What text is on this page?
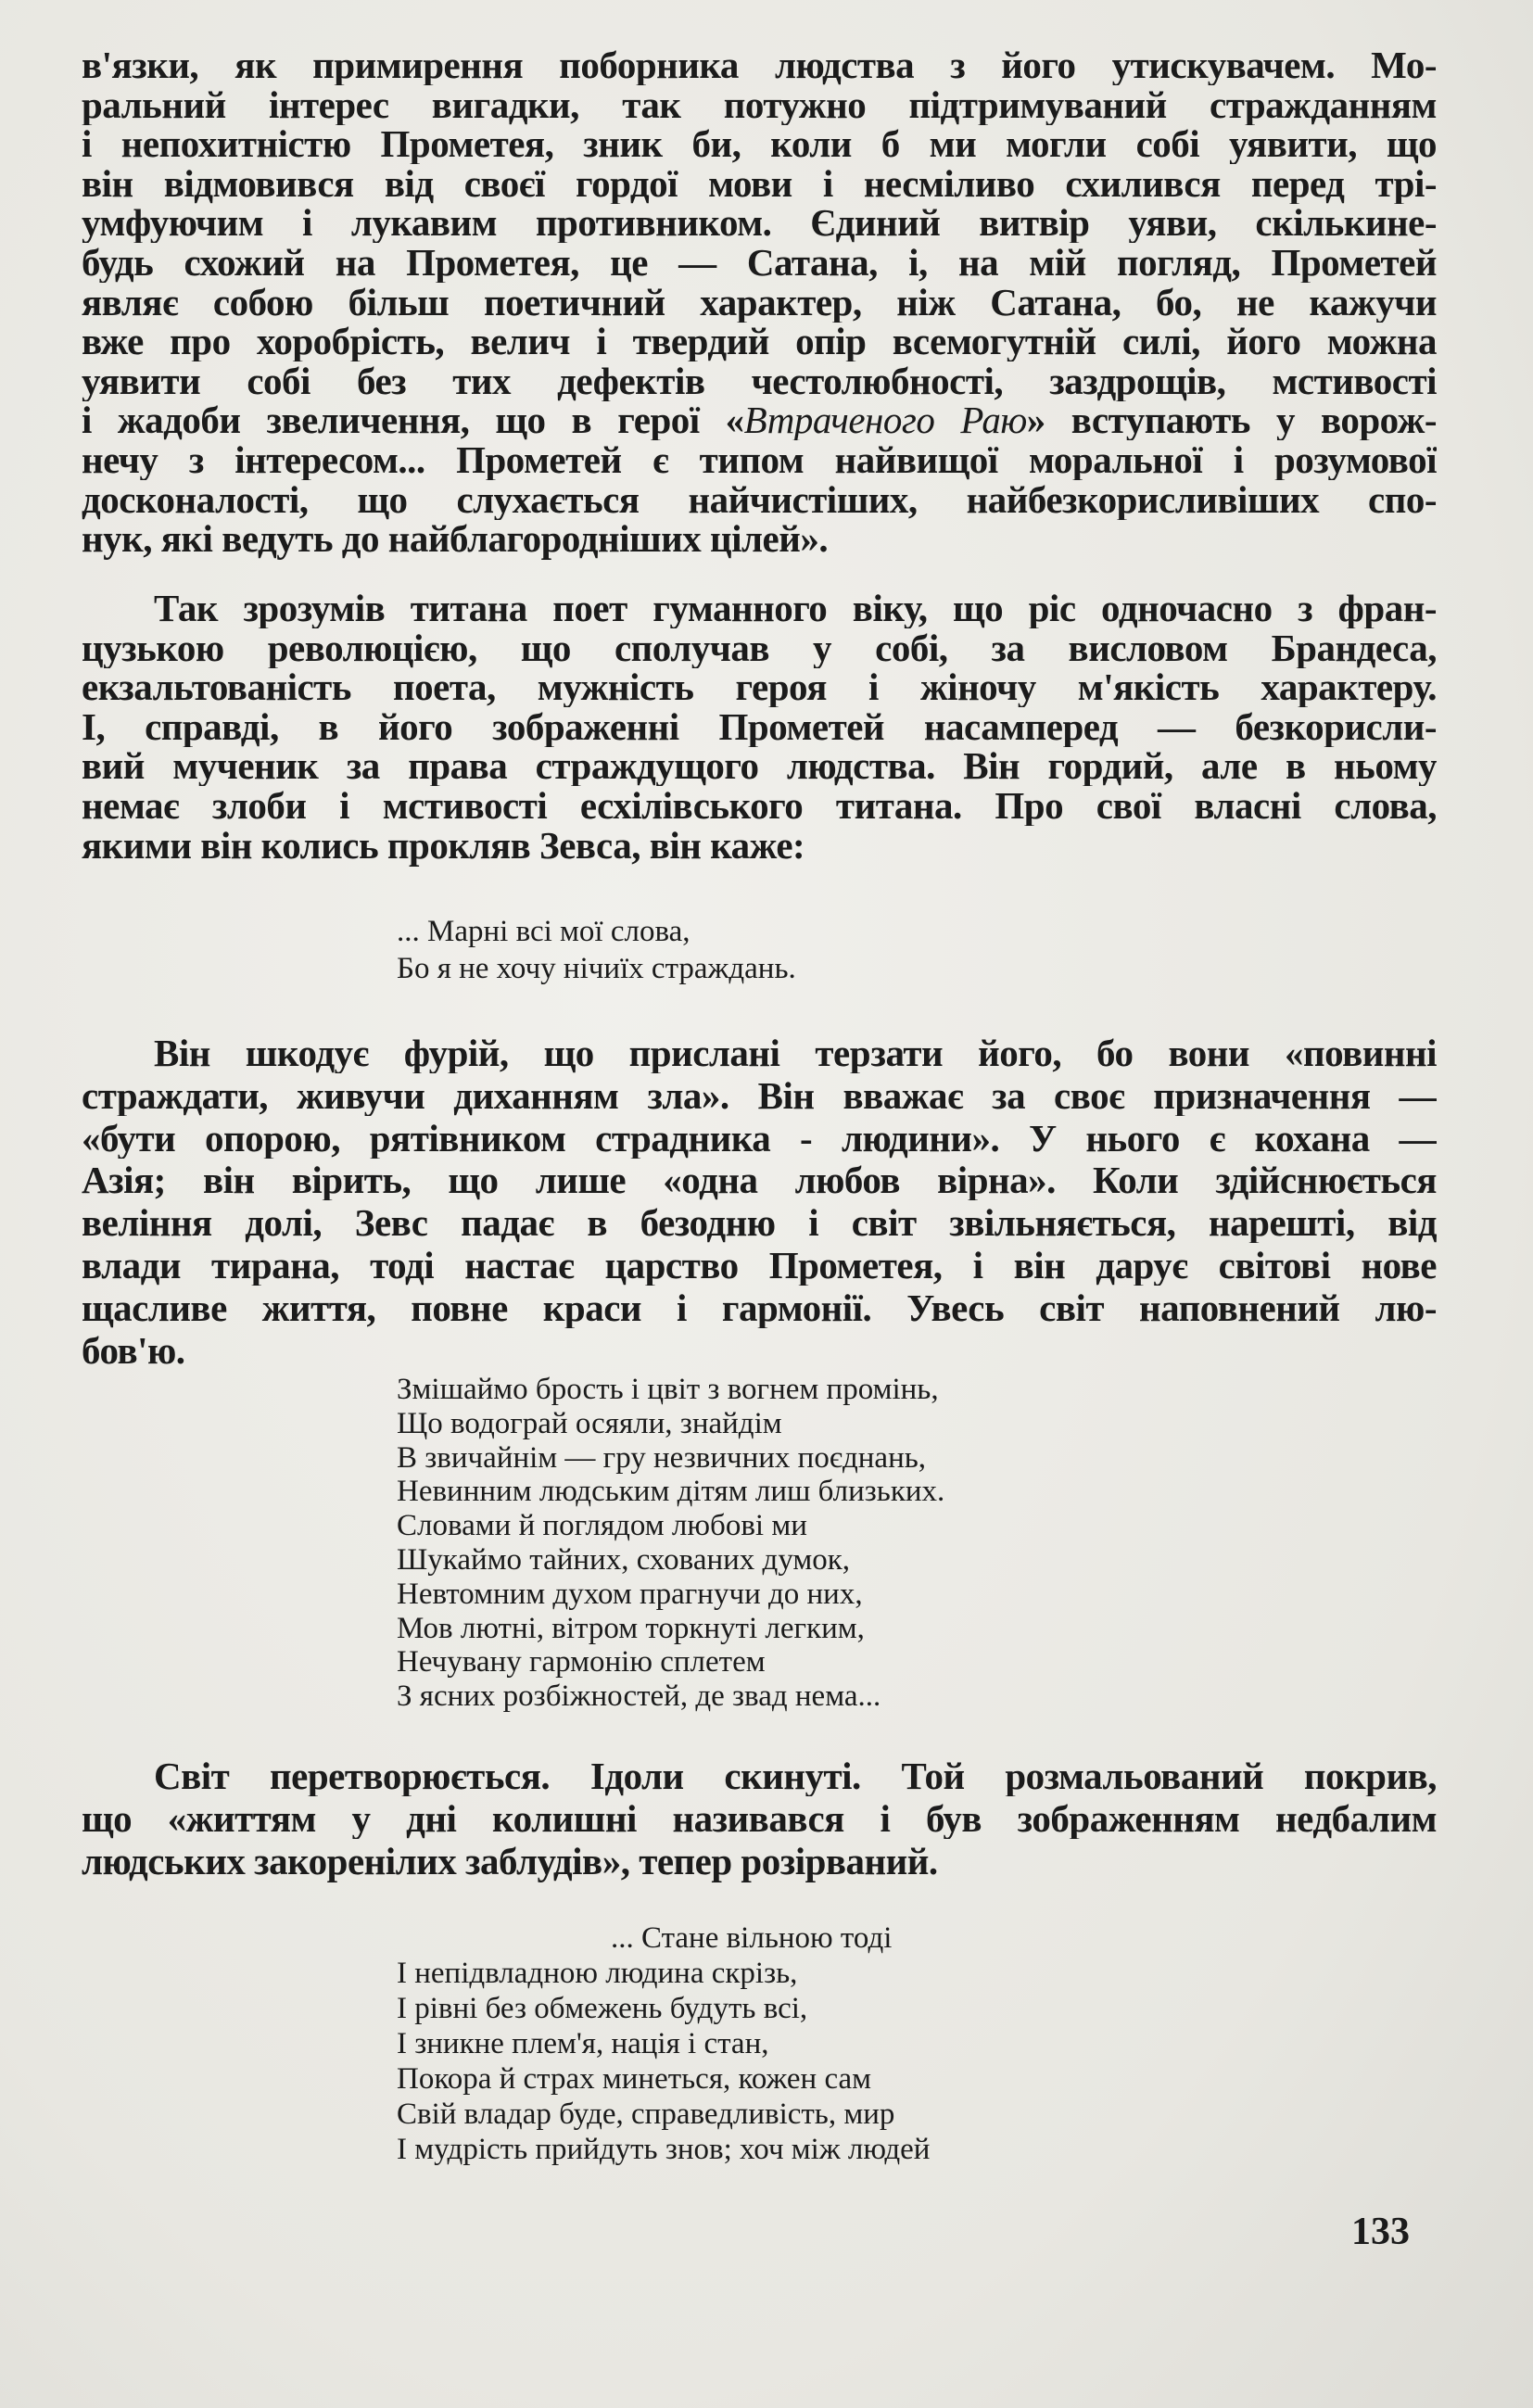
в'язки, як примирення поборника людства з його утискувачем. Мо-
ральний інтерес вигадки, так потужно підтримуваний стражданням
і непохитністю Прометея, зник би, коли б ми могли собі уявити, що
він відмовився від своєї гордої мови і несміливо схилився перед трі-
умфуючим і лукавим противником. Єдиний витвір уяви, скількине-
будь схожий на Прометея, це — Сатана, і, на мій погляд, Прометей
являє собою більш поетичний характер, ніж Сатана, бо, не кажучи
вже про хоробрість, велич і твердий опір всемогутній силі, його можна
уявити собі без тих дефектів честолюбності, заздрощів, мстивості
і жадоби звеличення, що в герої «Втраченого Раю» вступають у ворож-
нечу з інтересом... Прометей є типом найвищої моральної і розумової
досконалості, що слухається найчистіших, найбезкорисливіших спо-
нук, які ведуть до найблагородніших цілей».
Так зрозумів титана поет гуманного віку, що ріс одночасно з фран-
цузькою революцією, що сполучав у собі, за висловом Брандеса,
екзальтованість поета, мужність героя і жіночу м'якість характеру.
І, справді, в його зображенні Прометей насамперед — безкорисли-
вий мученик за права страждущого людства. Він гордий, але в ньому
немає злоби і мстивості есхілівського титана. Про свої власні слова,
якими він колись прокляв Зевса, він каже:
... Марні всі мої слова,
Бо я не хочу нічиїх страждань.
Він шкодує фурій, що прислані терзати його, бо вони «повинні
страждати, живучи диханням зла». Він вважає за своє призначення —
«бути опорою, рятівником страдника - людини». У нього є кохана —
Азія; він вірить, що лише «одна любов вірна». Коли здійснюється
веління долі, Зевс падає в безодню і світ звільняється, нарешті, від
влади тирана, тоді настає царство Прометея, і він дарує світові нове
щасливе життя, повне краси і гармонії. Увесь світ наповнений лю-
бов'ю.
Змішаймо брость і цвіт з вогнем промінь,
Що водограй осяяли, знайдім
В звичайнім — гру незвичних поєднань,
Невинним людським дітям лиш близьких.
Словами й поглядом любові ми
Шукаймо тайних, схованих думок,
Невтомним духом прагнучи до них,
Мов лютні, вітром торкнуті легким,
Нечувану гармонію сплетем
З ясних розбіжностей, де звад нема...
Світ перетворюється. Ідоли скинуті. Той розмальований покрив,
що «життям у дні колишні називався і був зображенням недбалим
людських закоренілих заблудів», тепер розірваний.
... Стане вільною тоді
І непідвладною людина скрізь,
І рівні без обмежень будуть всі,
І зникне плем'я, нація і стан,
Покора й страх минеться, кожен сам
Свій владар буде, справедливість, мир
І мудрість прийдуть знов; хоч між людей
133
